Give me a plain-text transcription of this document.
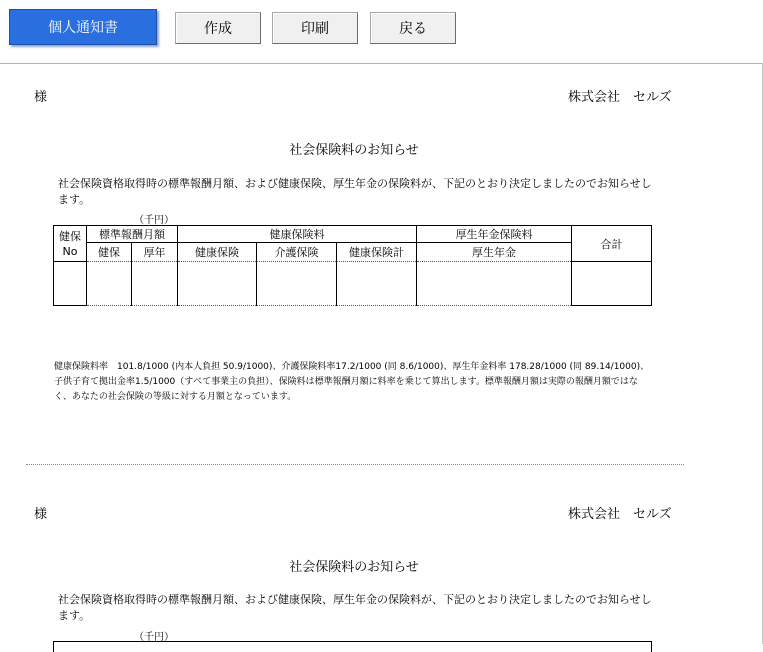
個人通知書	作成	印刷	戻る
様	株式会社　セルズ
社会保険料のお知らせ
社会保険資格取得時の標準報酬月額、および健康保険、厚生年金の保険料が、下記のとおり決定しましたのでお知らせします。
（千円）
健保
No	標準報酬月額		健康保険料			厚生年金保険料	合計
	健保	厚年	健康保険	介護保険	健康保険計	厚生年金	

健康保険料率　101.8/1000 (内本人負担 50.9/1000)、介護保険料率17.2/1000 (同 8.6/1000)、厚生年金料率 178.28/1000 (同 89.14/1000)、子供子育て拠出金率1.5/1000（すべて事業主の負担）、保険料は標準報酬月額に料率を乗じて算出します。標準報酬月額は実際の報酬月額ではなく、あなたの社会保険の等級に対する月額となっています。
様	株式会社　セルズ
社会保険料のお知らせ
社会保険資格取得時の標準報酬月額、および健康保険、厚生年金の保険料が、下記のとおり決定しましたのでお知らせします。
（千円）
